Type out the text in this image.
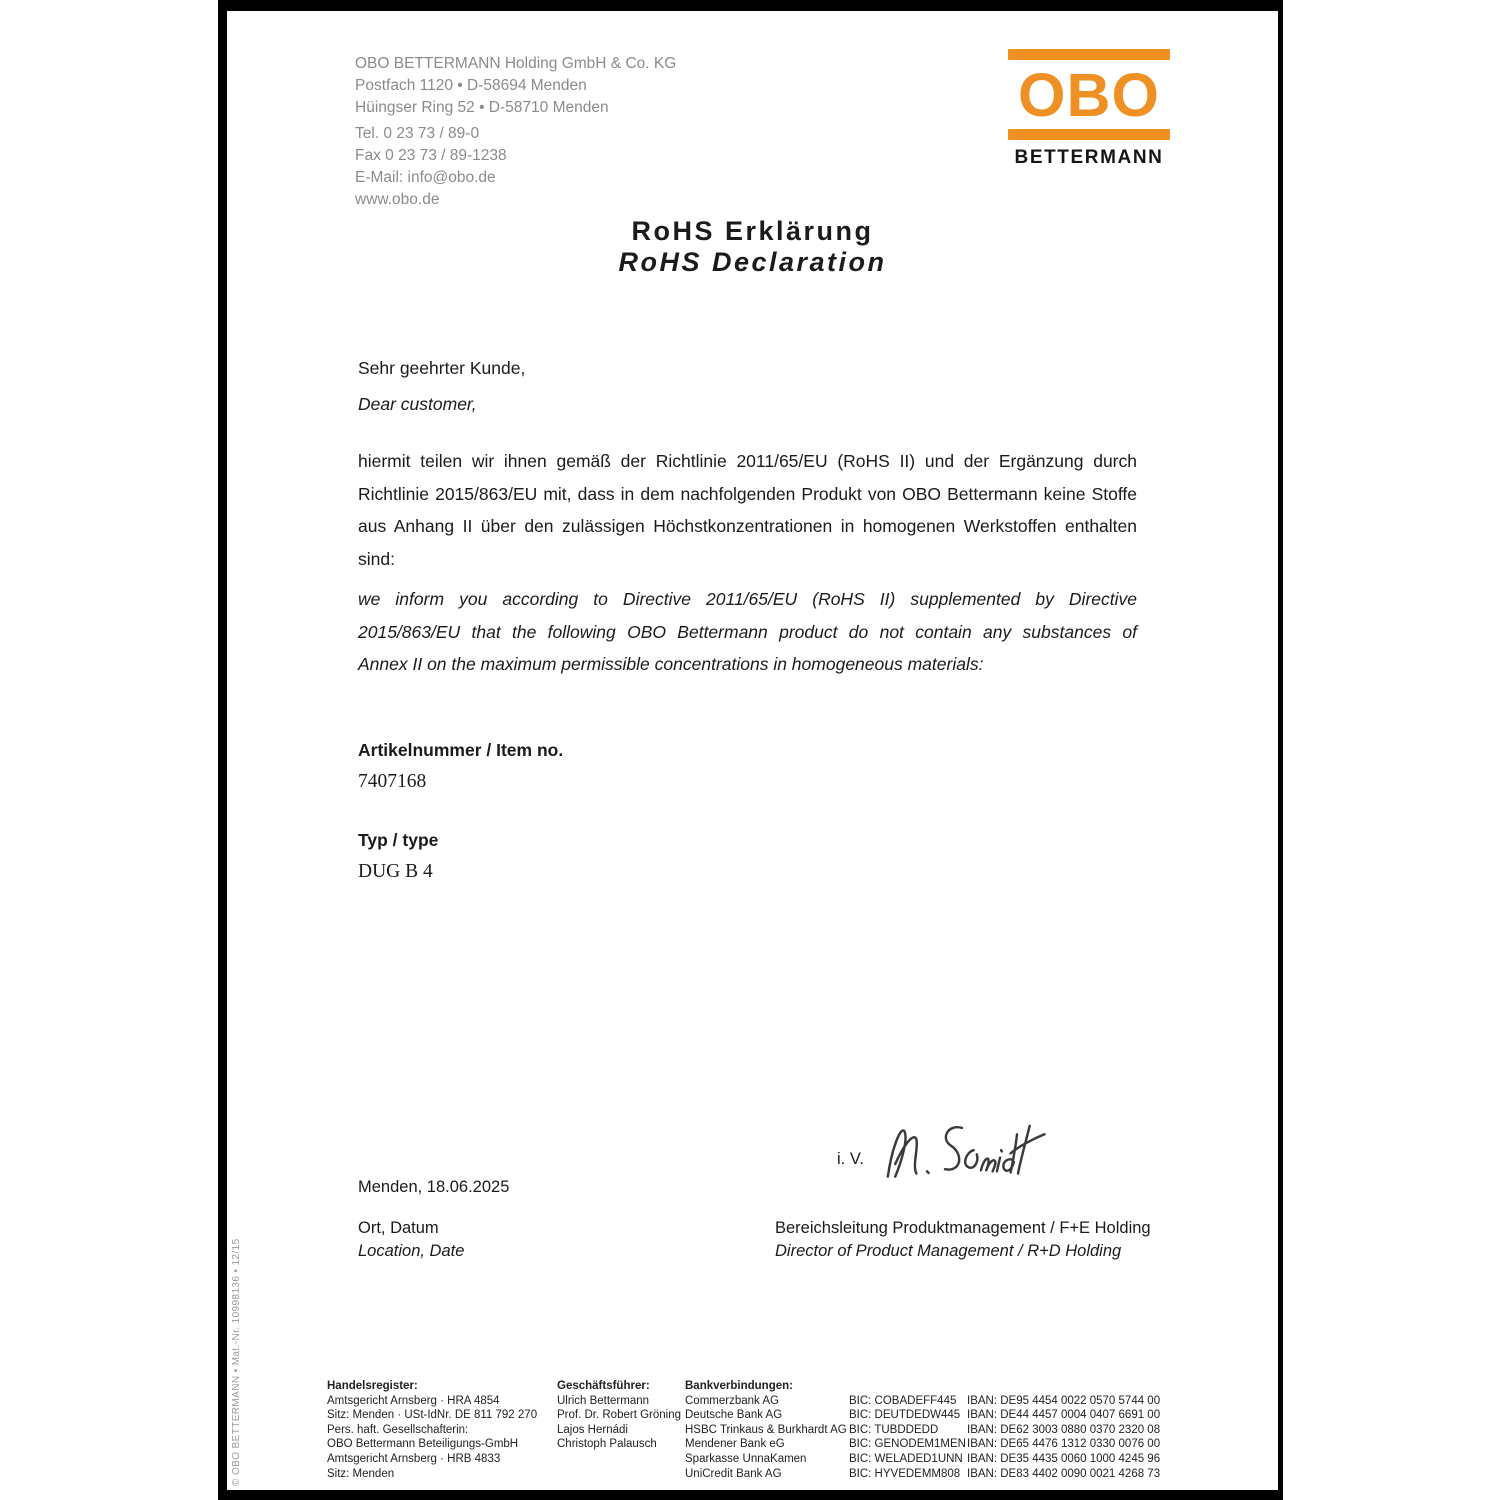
OBO BETTERMANN Holding GmbH & Co. KG
Postfach 1120 • D-58694 Menden
Hüingser Ring 52 • D-58710 Menden
Tel. 0 23 73 / 89-0
Fax 0 23 73 / 89-1238
E-Mail: info@obo.de
www.obo.de
OBO
BETTERMANN
RoHS Erklärung
RoHS Declaration
Sehr geehrter Kunde,
Dear customer,
hiermit teilen wir ihnen gemäß der Richtlinie 2011/65/EU (RoHS II) und der Ergänzung durch
Richtlinie 2015/863/EU mit, dass in dem nachfolgenden Produkt von OBO Bettermann keine Stoffe
aus Anhang II über den zulässigen Höchstkonzentrationen in homogenen Werkstoffen enthalten
sind:
we inform you according to Directive 2011/65/EU (RoHS II) supplemented by Directive
2015/863/EU that the following OBO Bettermann product do not contain any substances of
Annex II on the maximum permissible concentrations in homogeneous materials:
Artikelnummer / Item no.
7407168
Typ / type
DUG B 4
i. V.
Menden, 18.06.2025
Ort, Datum
Location, Date
Bereichsleitung Produktmanagement / F+E Holding
Director of Product Management / R+D Holding
© OBO BETTERMANN • Mat.-Nr. 10998136 • 12/15	Handelsregister:
Amtsgericht Arnsberg · HRA 4854
Sitz: Menden · USt-IdNr. DE 811 792 270
Pers. haft. Gesellschafterin:
OBO Bettermann Beteiligungs-GmbH
Amtsgericht Arnsberg · HRB 4833
Sitz: Menden
Geschäftsführer:
Ulrich Bettermann
Prof. Dr. Robert Gröning
Lajos Hernádi
Christoph Palausch
Bankverbindungen:
Commerzbank AG	BIC: COBADEFF445 IBAN: DE95 4454 0022 0570 5744 00
Deutsche Bank AG	BIC: DEUTDEDW445 IBAN: DE44 4457 0004 0407 6691 00
HSBC Trinkaus & Burkhardt AG BIC: TUBDDEDD	IBAN: DE62 3003 0880 0370 2320 08
Mendener Bank eG	BIC: GENODEM1MEN IBAN: DE65 4476 1312 0330 0076 00
Sparkasse UnnaKamen	BIC: WELADED1UNN IBAN: DE35 4435 0060 1000 4245 96
UniCredit Bank AG	BIC: HYVEDEMM808 IBAN: DE83 4402 0090 0021 4268 73
